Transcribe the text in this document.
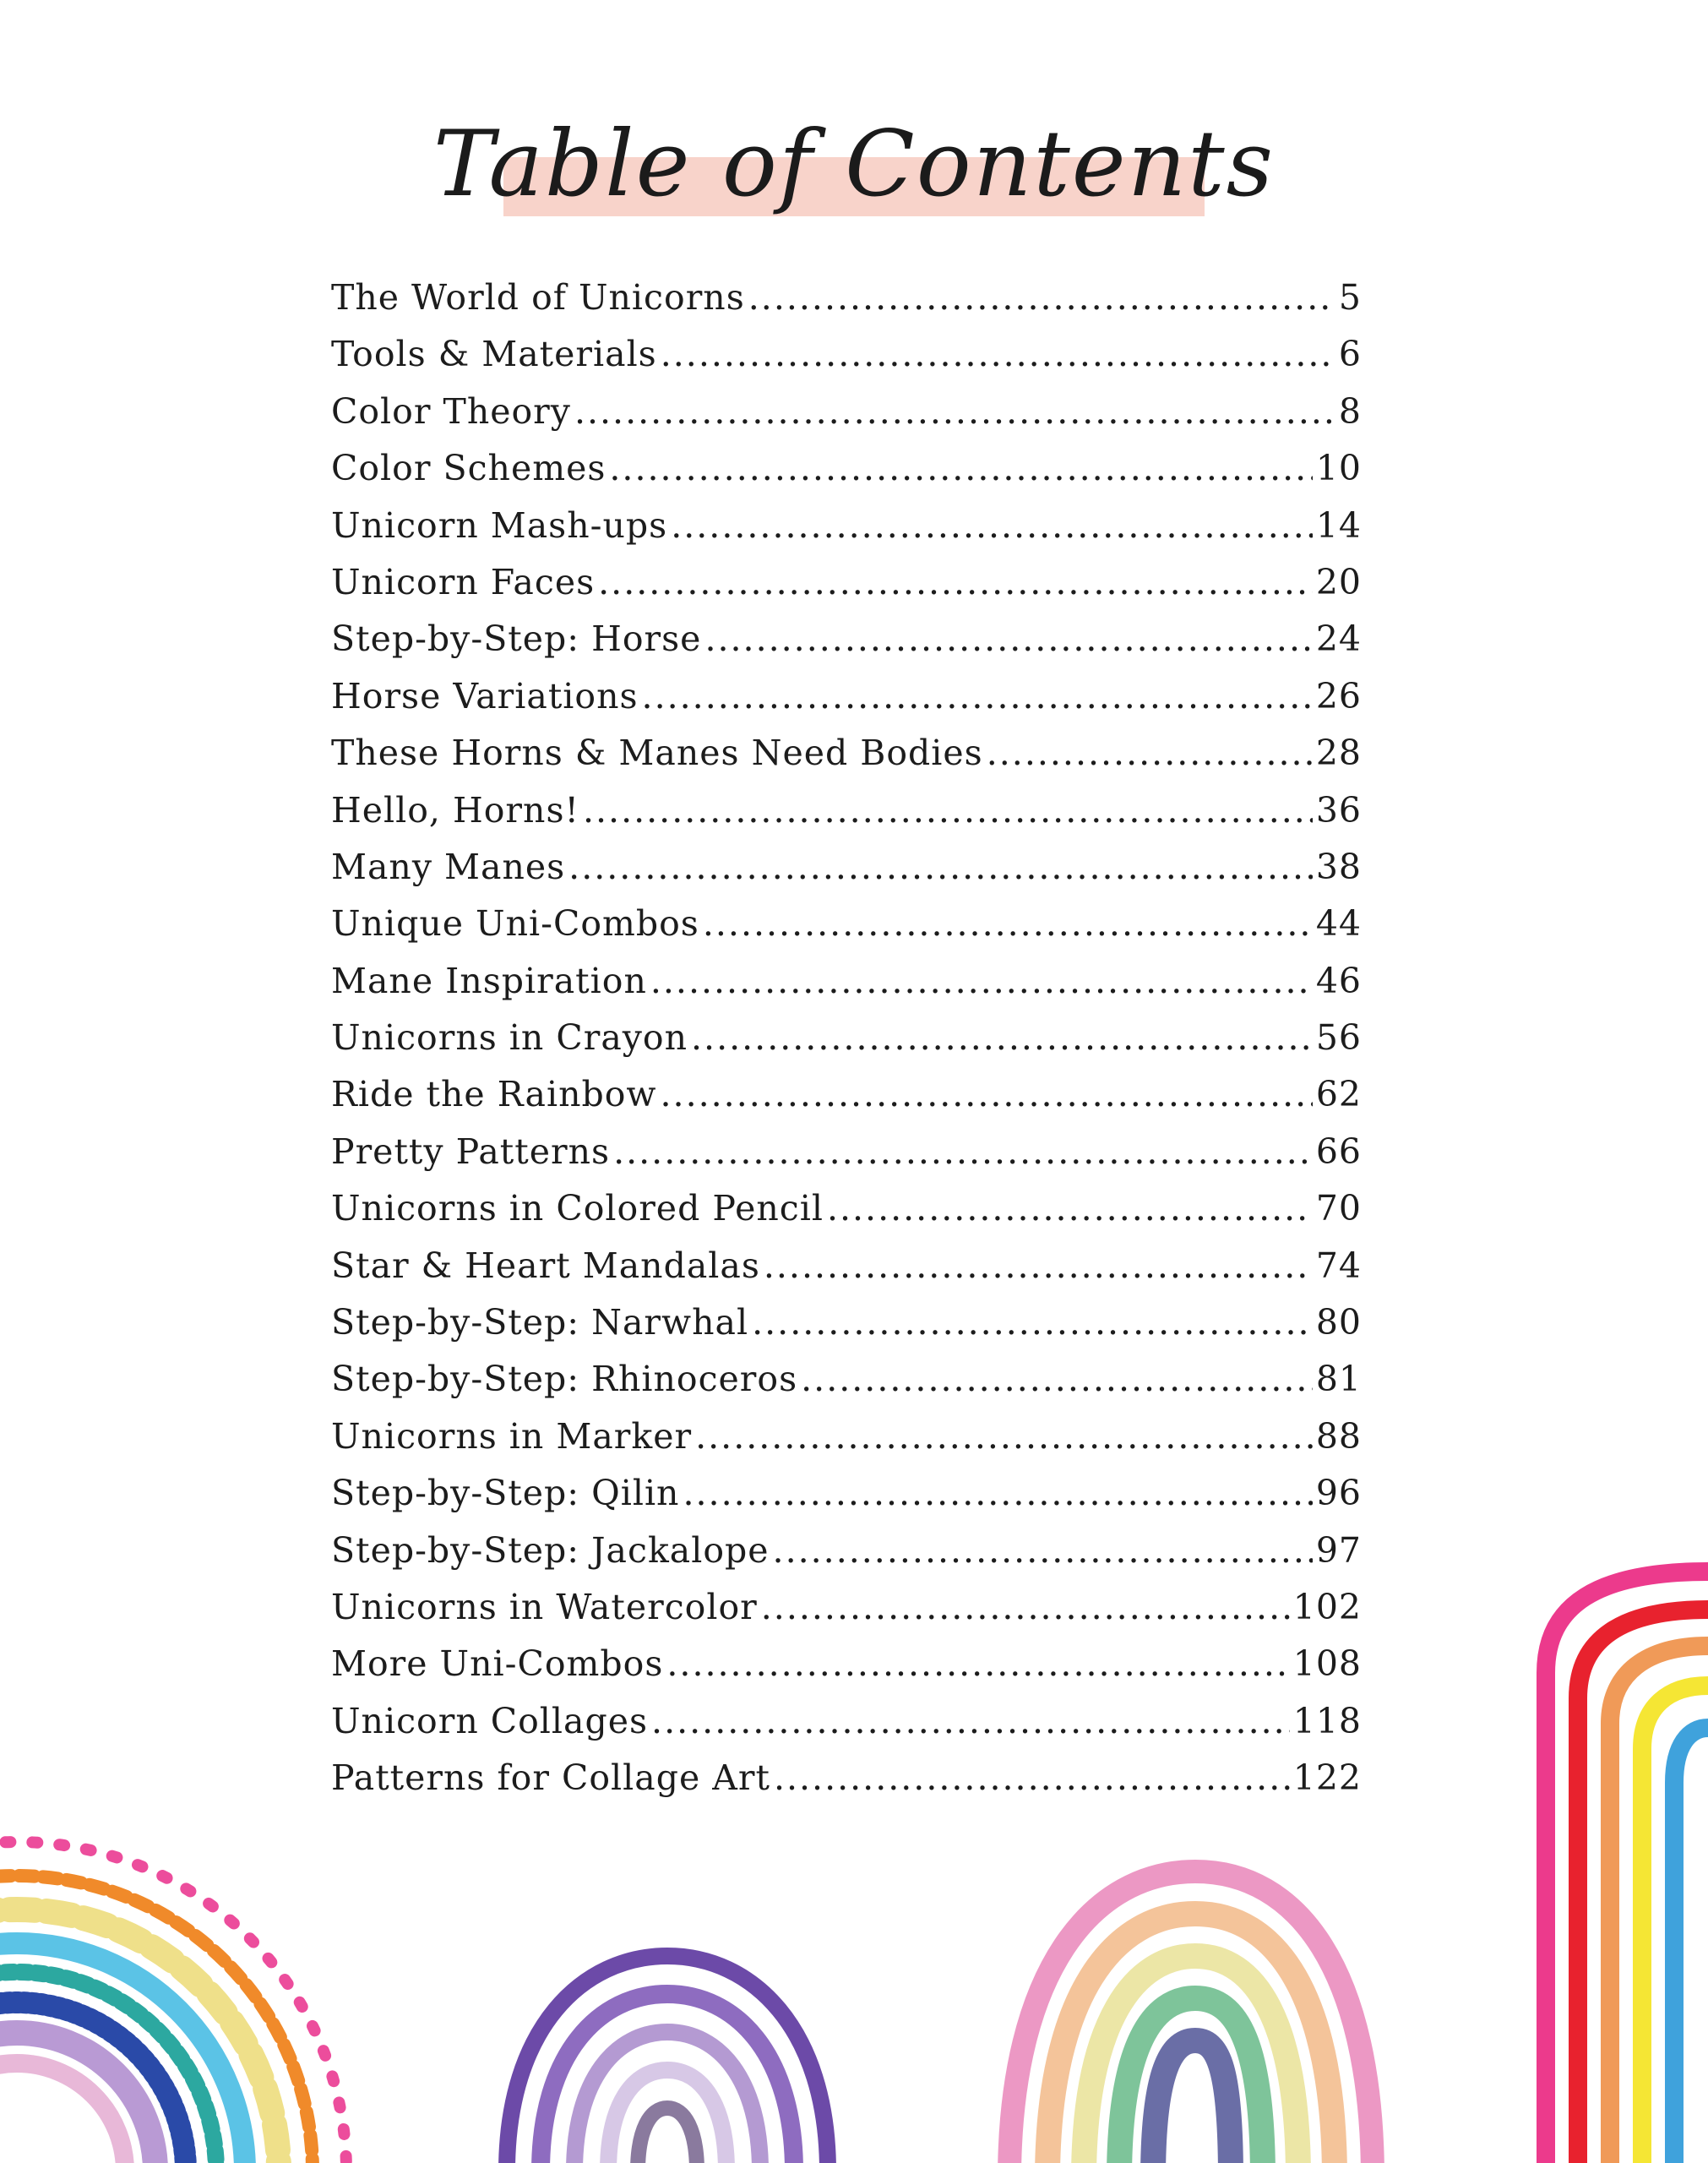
Table of Contents
The World of Unicorns .....	5
Tools & Materials .....	6
Color Theory .....	8
Color Schemes .....	10
Unicorn Mash-ups .....	14
Unicorn Faces .....	20
Step-by-Step: Horse .....	24
Horse Variations .....	26
These Horns & Manes Need Bodies .....	28
Hello, Horns! .....	36
Many Manes .....	38
Unique Uni-Combos .....	44
Mane Inspiration .....	46
Unicorns in Crayon .....	56
Ride the Rainbow .....	62
Pretty Patterns .....	66
Unicorns in Colored Pencil .....	70
Star & Heart Mandalas .....	74
Step-by-Step: Narwhal .....	80
Step-by-Step: Rhinoceros .....	81
Unicorns in Marker .....	88
Step-by-Step: Qilin .....	96
Step-by-Step: Jackalope .....	97
Unicorns in Watercolor .....	102
More Uni-Combos .....	108
Unicorn Collages .....	118
Patterns for Collage Art .....	122
